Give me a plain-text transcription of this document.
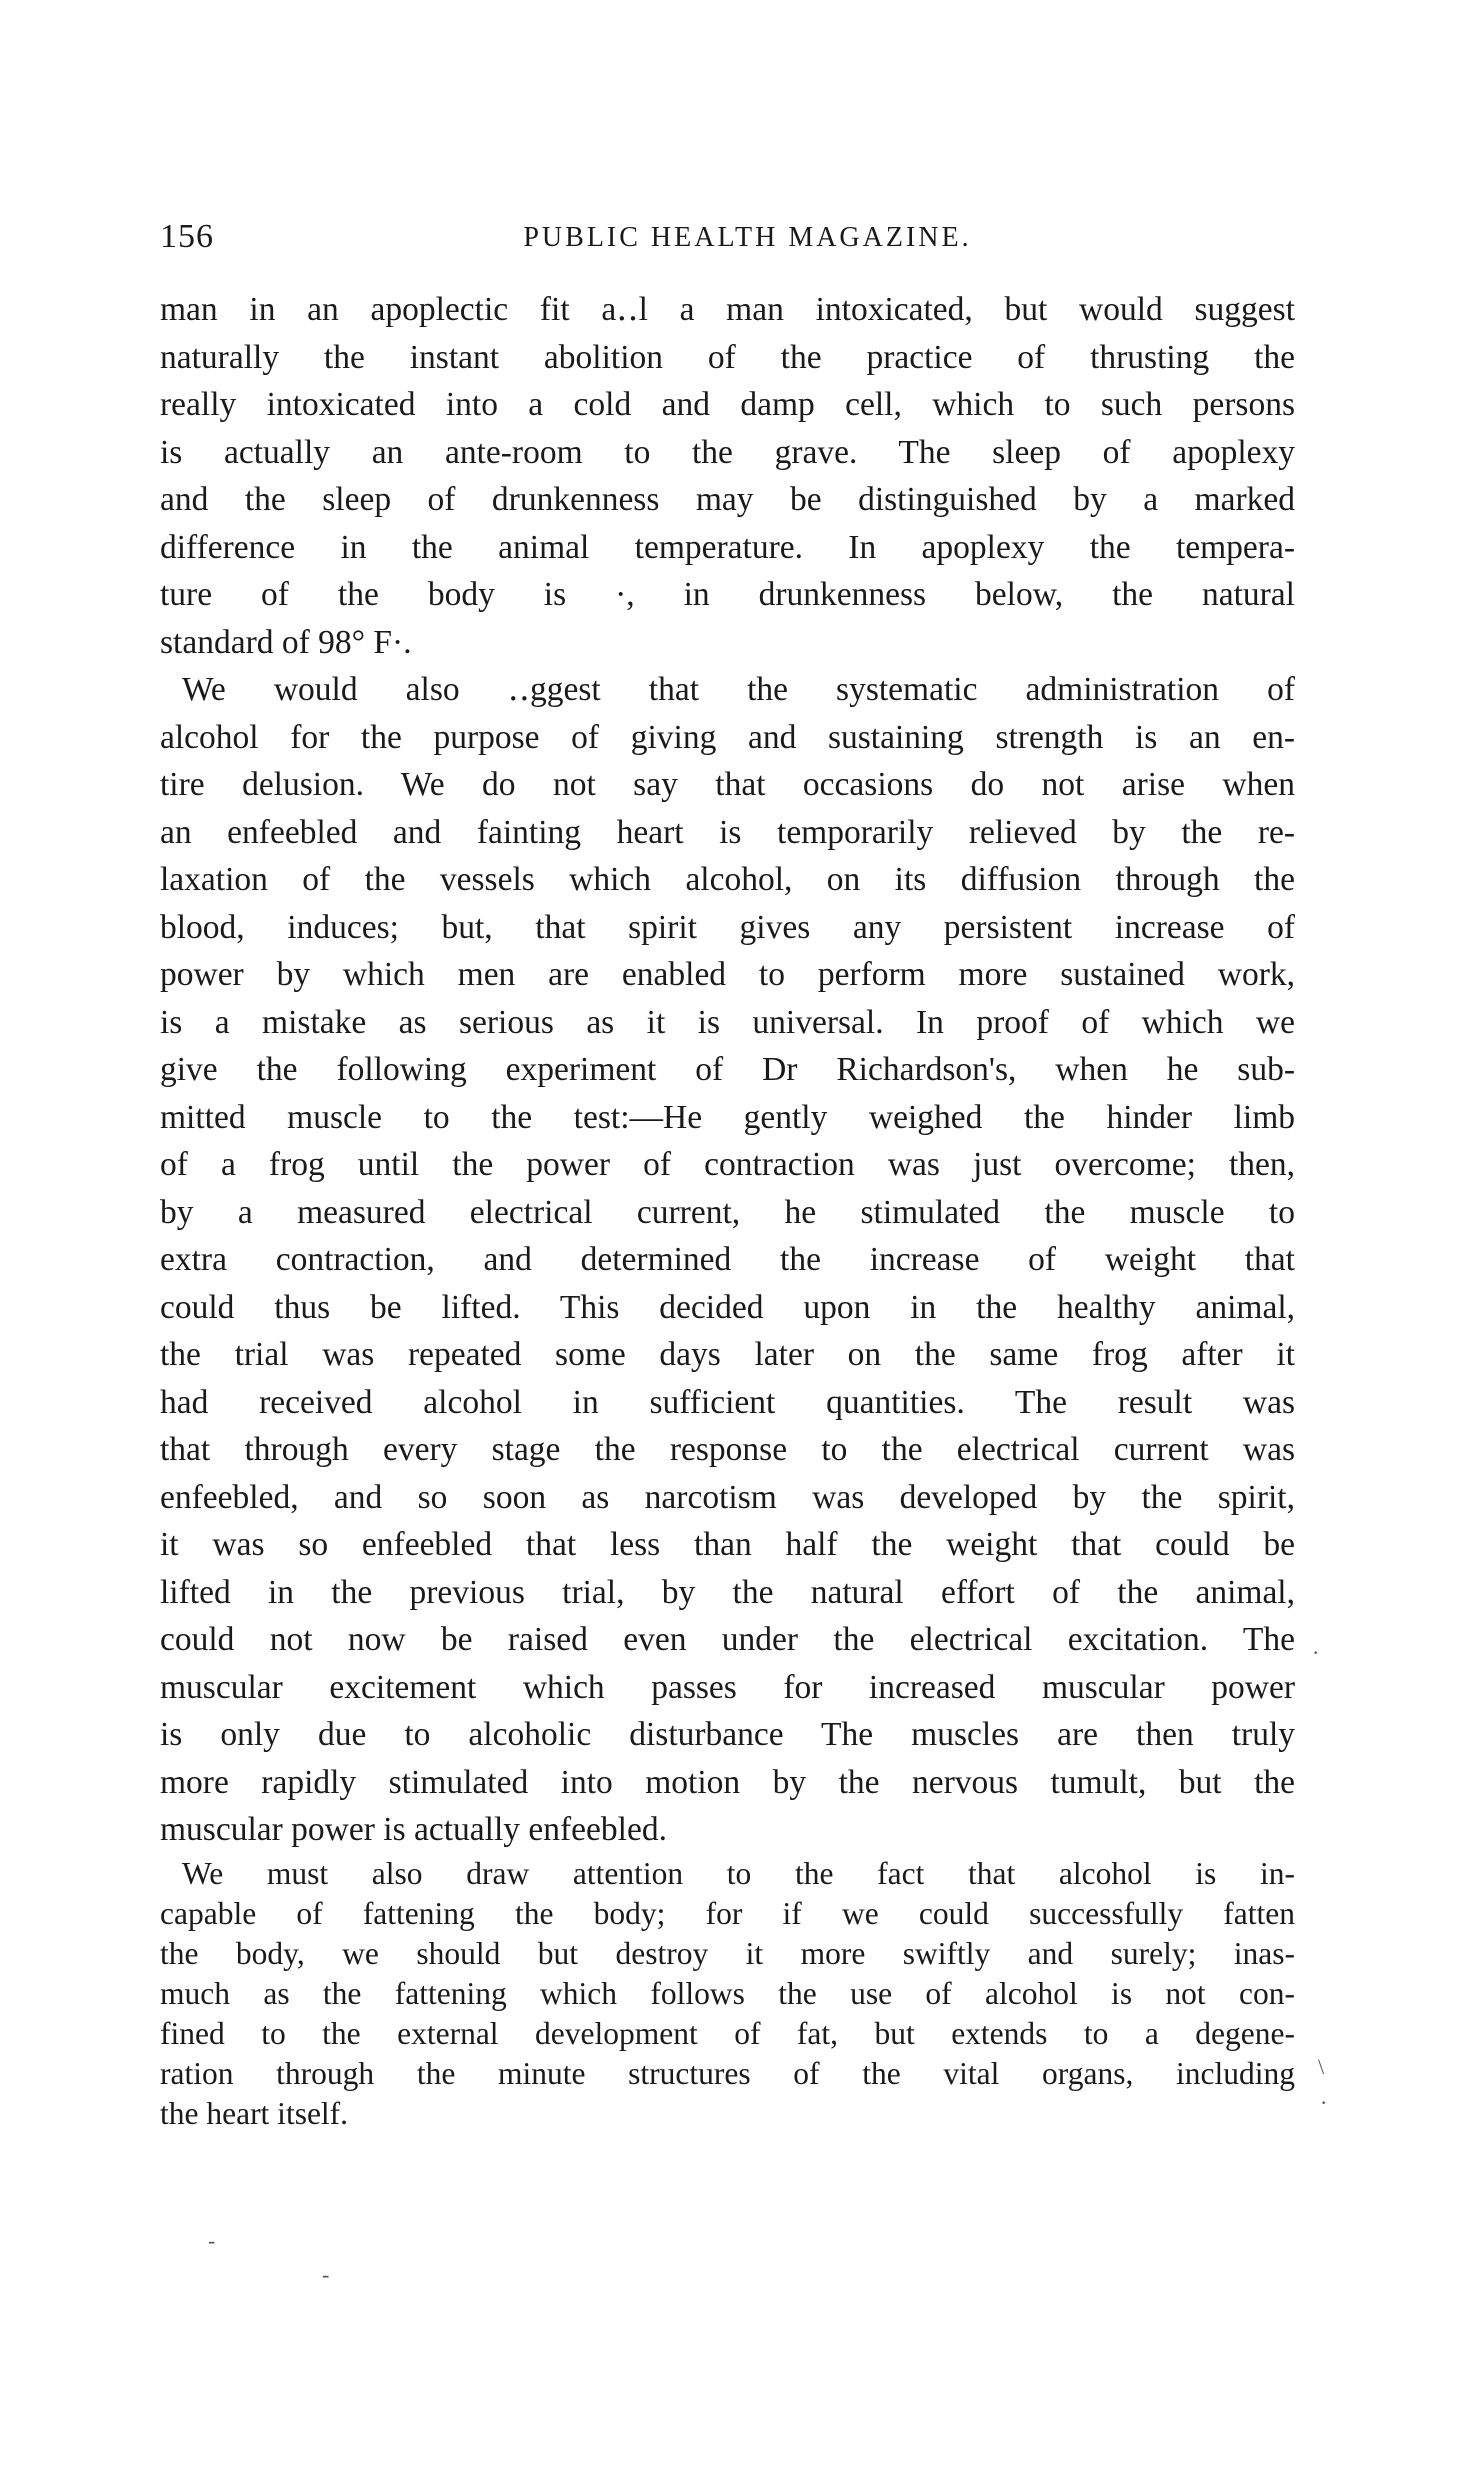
156	PUBLIC HEALTH MAGAZINE.
man in an apoplectic fit a‥l a man intoxicated, but would suggest
naturally the instant abolition of the practice of thrusting the
really intoxicated into a cold and damp cell, which to such persons
is actually an ante-room to the grave. The sleep of apoplexy
and the sleep of drunkenness may be distinguished by a marked
difference in the animal temperature. In apoplexy the tempera-
ture of the body is ·, in drunkenness below, the natural
standard of 98° F·.
We would also ‥ggest that the systematic administration of
alcohol for the purpose of giving and sustaining strength is an en-
tire delusion. We do not say that occasions do not arise when
an enfeebled and fainting heart is temporarily relieved by the re-
laxation of the vessels which alcohol, on its diffusion through the
blood, induces; but, that spirit gives any persistent increase of
power by which men are enabled to perform more sustained work,
is a mistake as serious as it is universal. In proof of which we
give the following experiment of Dr Richardson's, when he sub-
mitted muscle to the test:—He gently weighed the hinder limb
of a frog until the power of contraction was just overcome; then,
by a measured electrical current, he stimulated the muscle to
extra contraction, and determined the increase of weight that
could thus be lifted. This decided upon in the healthy animal,
the trial was repeated some days later on the same frog after it
had received alcohol in sufficient quantities. The result was
that through every stage the response to the electrical current was
enfeebled, and so soon as narcotism was developed by the spirit,
it was so enfeebled that less than half the weight that could be
lifted in the previous trial, by the natural effort of the animal,
could not now be raised even under the electrical excitation. The
muscular excitement which passes for increased muscular power
is only due to alcoholic disturbance The muscles are then truly
more rapidly stimulated into motion by the nervous tumult, but the
muscular power is actually enfeebled.
We must also draw attention to the fact that alcohol is in-
capable of fattening the body; for if we could successfully fatten
the body, we should but destroy it more swiftly and surely; inas-
much as the fattening which follows the use of alcohol is not con-
fined to the external development of fat, but extends to a degene-
ration through the minute structures of the vital organs, including
the heart itself.
·
\
·
-
-
